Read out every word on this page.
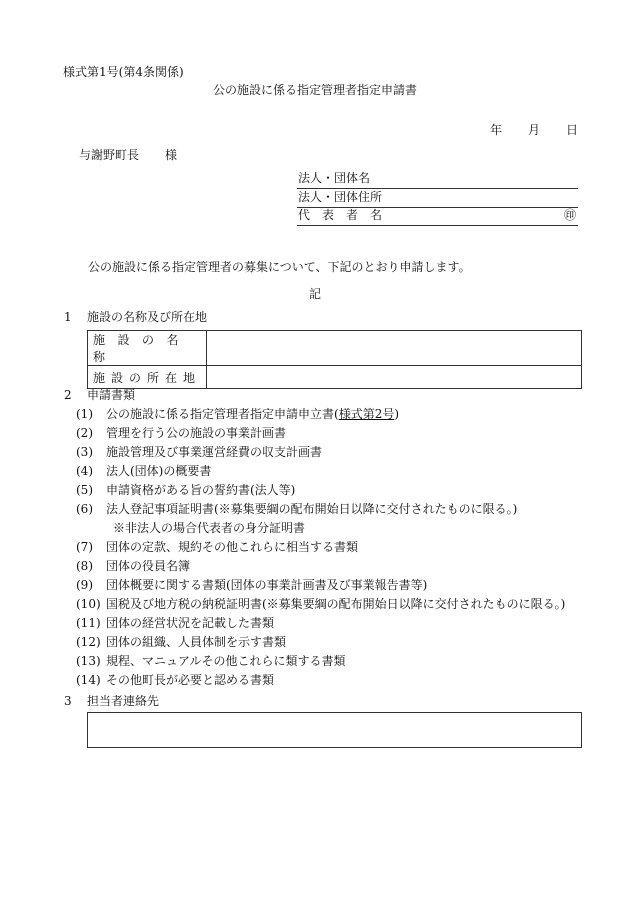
様式第1号(第4条関係)
公の施設に係る指定管理者指定申請書
年 月 日
与謝野町長 様
法人・団体名
法人・団体住所
代表者名	㊞
公の施設に係る指定管理者の募集について、下記のとおり申請します。
記
1 施設の名称及び所在地
施設の名称	
施設の所在地	
2 申請書類
(1) 公の施設に係る指定管理者指定申請申立書(様式第2号)
(2) 管理を行う公の施設の事業計画書
(3) 施設管理及び事業運営経費の収支計画書
(4) 法人(団体)の概要書
(5) 申請資格がある旨の誓約書(法人等)
(6) 法人登記事項証明書(※募集要綱の配布開始日以降に交付されたものに限る。)
※非法人の場合代表者の身分証明書
(7) 団体の定款、規約その他これらに相当する書類
(8) 団体の役員名簿
(9) 団体概要に関する書類(団体の事業計画書及び事業報告書等)
(10) 国税及び地方税の納税証明書(※募集要綱の配布開始日以降に交付されたものに限る。)
(11) 団体の経営状況を記載した書類
(12) 団体の組織、人員体制を示す書類
(13) 規程、マニュアルその他これらに類する書類
(14) その他町長が必要と認める書類
3 担当者連絡先
